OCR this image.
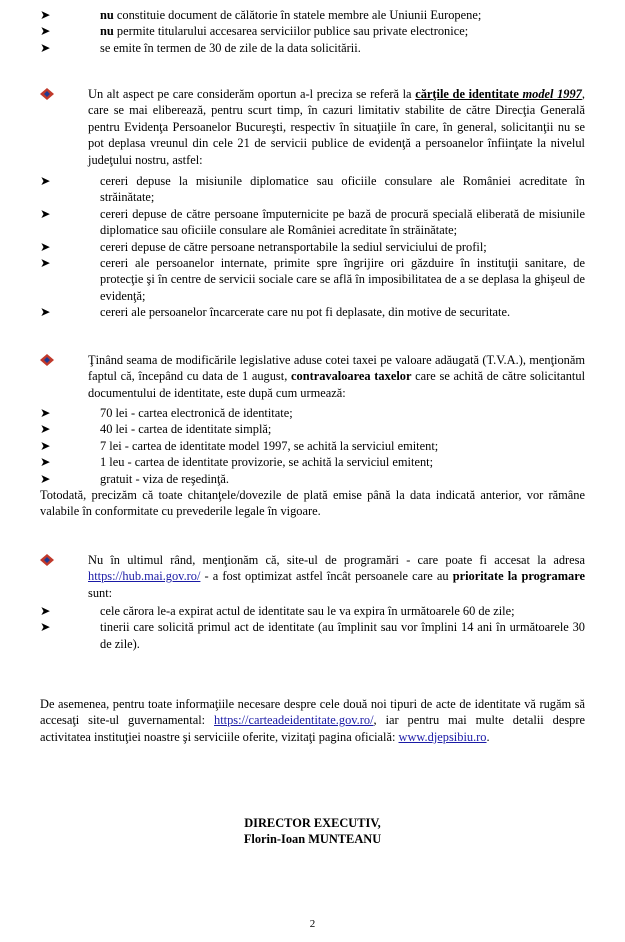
➤	nu constituie document de călătorie în statele membre ale Uniunii Europene;
➤	nu permite titularului accesarea serviciilor publice sau private electronice;
➤	se emite în termen de 30 de zile de la data solicitării.
Un alt aspect pe care considerăm oportun a-l preciza se referă la cărţile de identitate model 1997, care se mai eliberează, pentru scurt timp, în cazuri limitativ stabilite de către Direcţia Generală pentru Evidenţa Persoanelor Bucureşti, respectiv în situaţiile în care, în general, solicitanţii nu se pot deplasa vreunul din cele 21 de servicii publice de evidenţă a persoanelor înfiinţate la nivelul judeţului nostru, astfel:
➤	cereri depuse la misiunile diplomatice sau oficiile consulare ale României acreditate în străinătate;
➤	cereri depuse de către persoane împuternicite pe bază de procură specială eliberată de misiunile diplomatice sau oficiile consulare ale României acreditate în străinătate;
➤	cereri depuse de către persoane netransportabile la sediul serviciului de profil;
➤	cereri ale persoanelor internate, primite spre îngrijire ori găzduire în instituţii sanitare, de protecţie şi în centre de servicii sociale care se află în imposibilitatea de a se deplasa la ghişeul de evidenţă;
➤	cereri ale persoanelor încarcerate care nu pot fi deplasate, din motive de securitate.
Ţinând seama de modificările legislative aduse cotei taxei pe valoare adăugată (T.V.A.), menţionăm faptul că, începând cu data de 1 august, contravaloarea taxelor care se achită de către solicitantul documentului de identitate, este după cum urmează:
➤	70 lei - cartea electronică de identitate;
➤	40 lei - cartea de identitate simplă;
➤	7 lei - cartea de identitate model 1997, se achită la serviciul emitent;
➤	1 leu - cartea de identitate provizorie, se achită la serviciul emitent;
➤	gratuit - viza de reşedinţă.
Totodată, precizăm că toate chitanţele/dovezile de plată emise până la data indicată anterior, vor rămâne valabile în conformitate cu prevederile legale în vigoare.
Nu în ultimul rând, menţionăm că, site-ul de programări - care poate fi accesat la adresa https://hub.mai.gov.ro/ - a fost optimizat astfel încât persoanele care au prioritate la programare sunt:
➤	cele cărora le-a expirat actul de identitate sau le va expira în următoarele 60 de zile;
➤	tinerii care solicită primul act de identitate (au împlinit sau vor împlini 14 ani în următoarele 30 de zile).
De asemenea, pentru toate informaţiile necesare despre cele două noi tipuri de acte de identitate vă rugăm să accesaţi site-ul guvernamental: https://carteadeidentitate.gov.ro/, iar pentru mai multe detalii despre activitatea instituţiei noastre şi serviciile oferite, vizitaţi pagina oficială: www.djepsibiu.ro.
DIRECTOR EXECUTIV,
Florin-Ioan MUNTEANU
2
